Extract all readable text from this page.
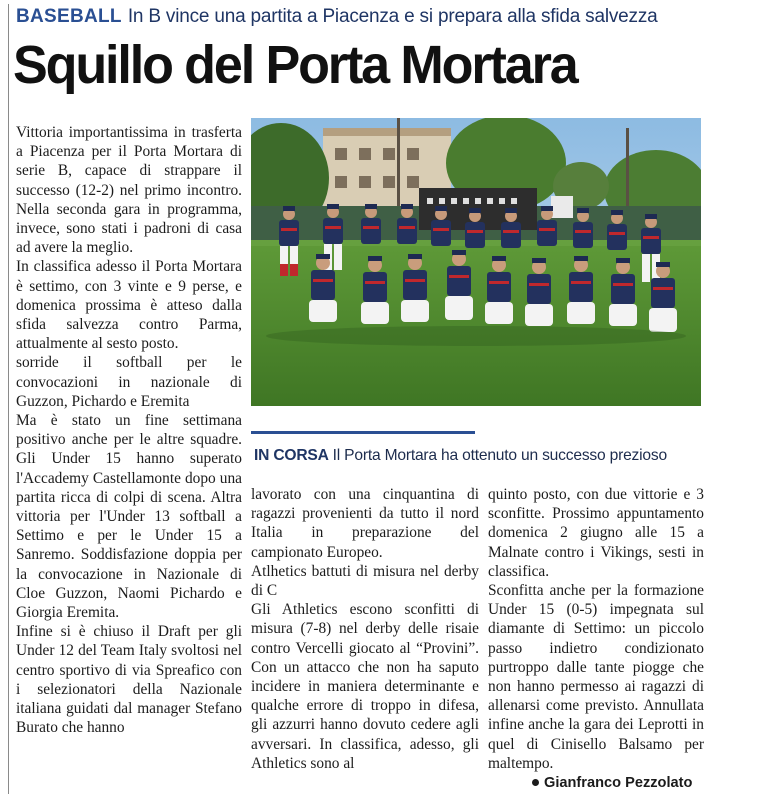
BASEBALL In B vince una partita a Piacenza e si prepara alla sfida salvezza
Squillo del Porta Mortara

Vittoria importantissima in trasferta a Piacenza per il Porta Mortara di serie B, capace di strappare il successo (12-2) nel primo incontro. Nella seconda gara in programma, invece, sono stati i padroni di casa ad avere la meglio.

In classifica adesso il Porta Mortara è settimo, con 3 vinte e 9 perse, e domenica prossima è atteso dalla sfida salvezza contro Parma, attualmente al sesto posto.

sorride il softball per le convocazioni in nazionale di Guzzon, Pichardo e Eremita

Ma è stato un fine settimana positivo anche per le altre squadre. Gli Under 15 hanno superato l'Accademy Castellamonte dopo una partita ricca di colpi di scena. Altra vittoria per l'Under 13 softball a Settimo e per le Under 15 a Sanremo. Soddisfazione doppia per la convocazione in Nazionale di Cloe Guzzon, Naomi Pichardo e Giorgia Eremita.

Infine si è chiuso il Draft per gli Under 12 del Team Italy svoltosi nel centro sportivo di via Spreafico con i selezionatori della Nazionale italiana guidati dal manager Stefano Burato che hanno

IN CORSA Il Porta Mortara ha ottenuto un successo prezioso

lavorato con una cinquantina di ragazzi provenienti da tutto il nord Italia in preparazione del campionato Europeo.

Atlhetics battuti di misura nel derby di C

Gli Athletics escono sconfitti di misura (7-8) nel derby delle risaie contro Vercelli giocato al “Provini”. Con un attacco che non ha saputo incidere in maniera determinante e qualche errore di troppo in difesa, gli azzurri hanno dovuto cedere agli avversari. In classifica, adesso, gli Athletics sono al

quinto posto, con due vittorie e 3 sconfitte. Prossimo appuntamento domenica 2 giugno alle 15 a Malnate contro i Vikings, sesti in classifica.

Sconfitta anche per la formazione Under 15 (0-5) impegnata sul diamante di Settimo: un piccolo passo indietro condizionato purtroppo dalle tante piogge che non hanno permesso ai ragazzi di allenarsi come previsto. Annullata infine anche la gara dei Leprotti in quel di Cinisello Balsamo per maltempo.

Gianfranco Pezzolato
